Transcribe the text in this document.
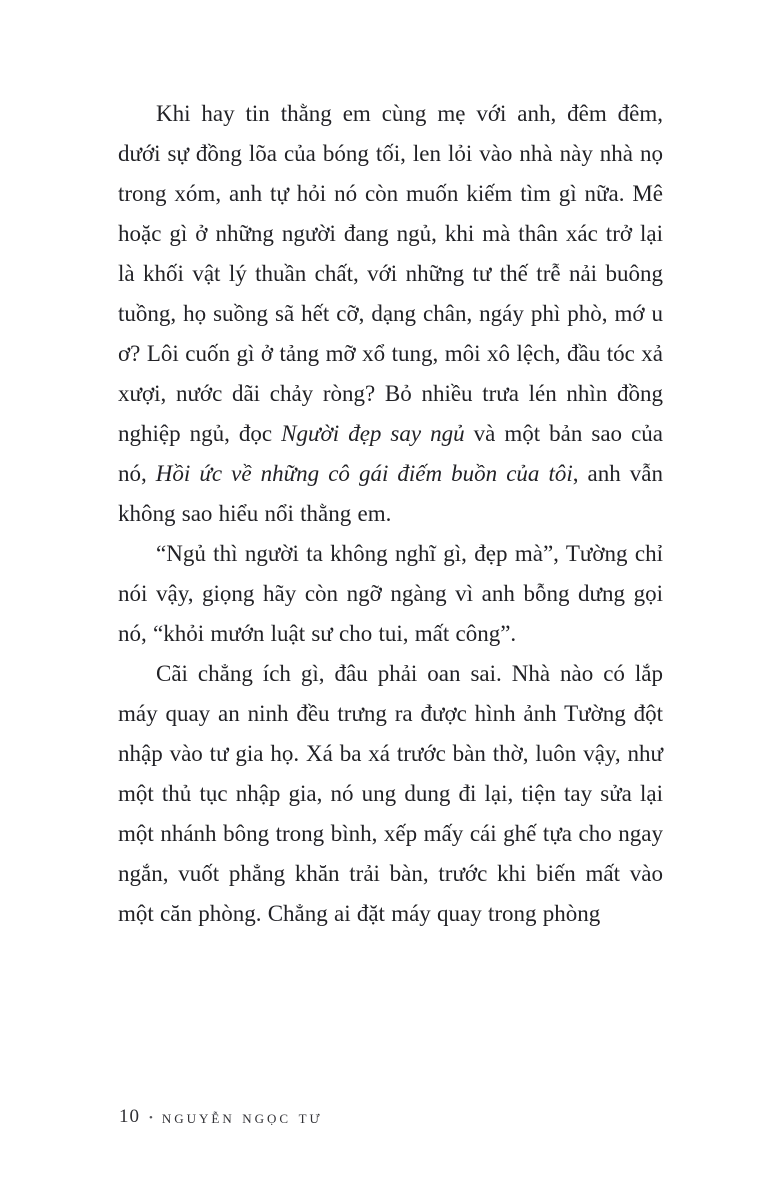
Khi hay tin thằng em cùng mẹ với anh, đêm đêm, dưới sự đồng lõa của bóng tối, len lỏi vào nhà này nhà nọ trong xóm, anh tự hỏi nó còn muốn kiếm tìm gì nữa. Mê hoặc gì ở những người đang ngủ, khi mà thân xác trở lại là khối vật lý thuần chất, với những tư thế trễ nải buông tuồng, họ suồng sã hết cỡ, dạng chân, ngáy phì phò, mớ u ơ? Lôi cuốn gì ở tảng mỡ xổ tung, môi xô lệch, đầu tóc xả xượi, nước dãi chảy ròng? Bỏ nhiều trưa lén nhìn đồng nghiệp ngủ, đọc Người đẹp say ngủ và một bản sao của nó, Hồi ức về những cô gái điếm buồn của tôi, anh vẫn không sao hiểu nổi thằng em.

“Ngủ thì người ta không nghĩ gì, đẹp mà”, Tường chỉ nói vậy, giọng hãy còn ngỡ ngàng vì anh bỗng dưng gọi nó, “khỏi mướn luật sư cho tui, mất công”.

Cãi chẳng ích gì, đâu phải oan sai. Nhà nào có lắp máy quay an ninh đều trưng ra được hình ảnh Tường đột nhập vào tư gia họ. Xá ba xá trước bàn thờ, luôn vậy, như một thủ tục nhập gia, nó ung dung đi lại, tiện tay sửa lại một nhánh bông trong bình, xếp mấy cái ghế tựa cho ngay ngắn, vuốt phẳng khăn trải bàn, trước khi biến mất vào một căn phòng. Chẳng ai đặt máy quay trong phòng

10 • nguyễn ngọc tư
